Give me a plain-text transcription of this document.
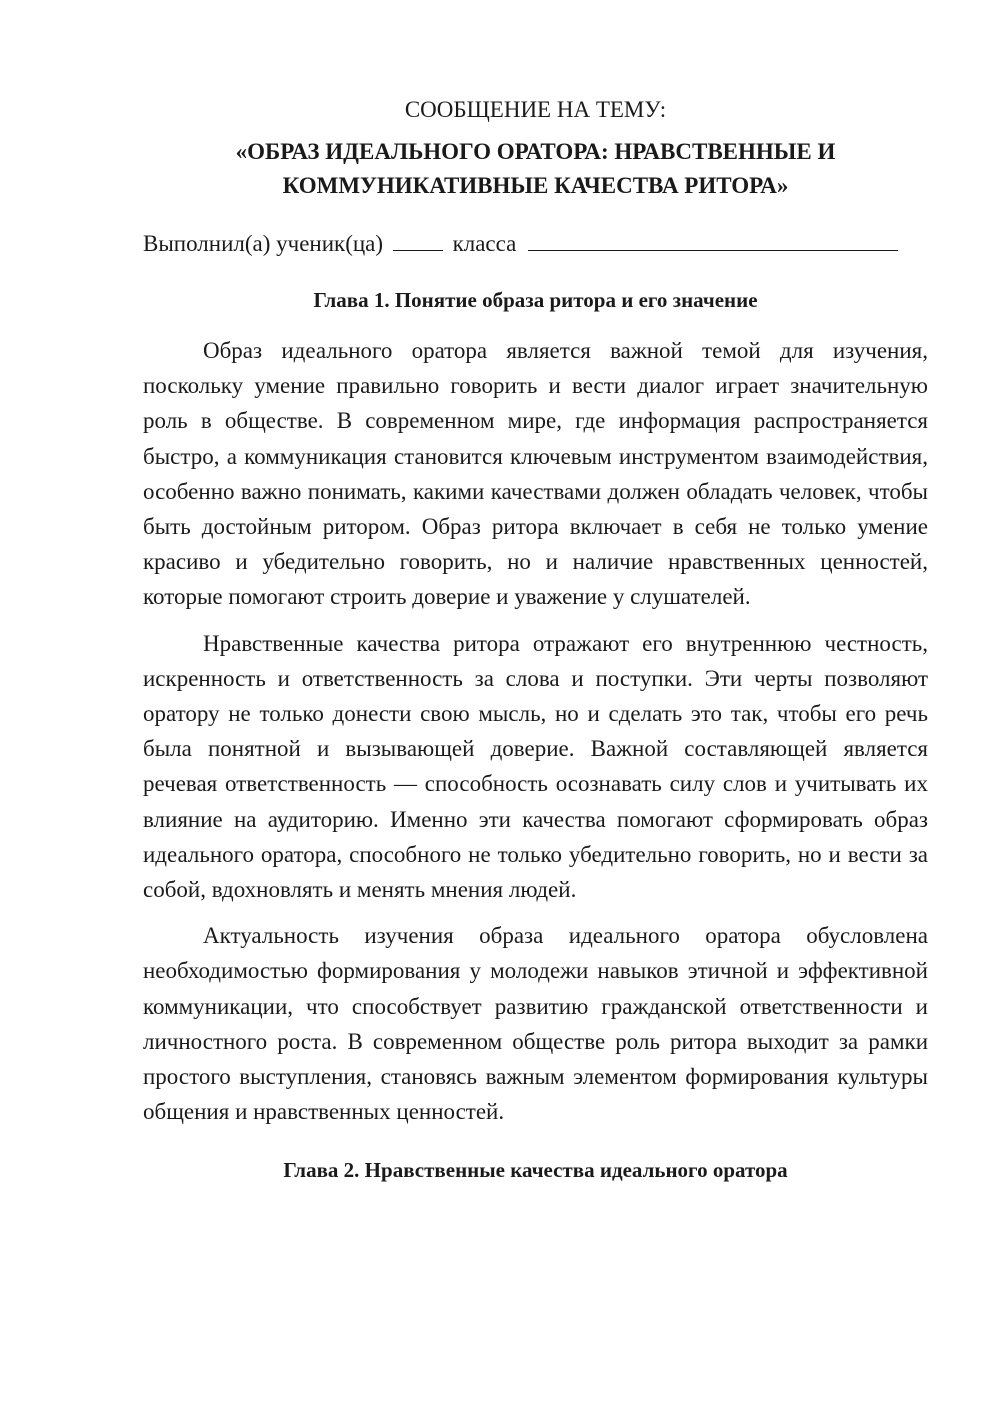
СООБЩЕНИЕ НА ТЕМУ:

«ОБРАЗ ИДЕАЛЬНОГО ОРАТОРА: НРАВСТВЕННЫЕ И
КОММУНИКАТИВНЫЕ КАЧЕСТВА РИТОРА»

Выполнил(а) ученик(ца)	класса

Глава 1. Понятие образа ритора и его значение

Образ идеального оратора является важной темой для изучения, поскольку умение правильно говорить и вести диалог играет значительную роль в обществе. В современном мире, где информация распространяется быстро, а коммуникация становится ключевым инструментом взаимодействия, особенно важно понимать, какими качествами должен обладать человек, чтобы быть достойным ритором. Образ ритора включает в себя не только умение красиво и убедительно говорить, но и наличие нравственных ценностей, которые помогают строить доверие и уважение у слушателей.

Нравственные качества ритора отражают его внутреннюю честность, искренность и ответственность за слова и поступки. Эти черты позволяют оратору не только донести свою мысль, но и сделать это так, чтобы его речь была понятной и вызывающей доверие. Важной составляющей является речевая ответственность — способность осознавать силу слов и учитывать их влияние на аудиторию. Именно эти качества помогают сформировать образ идеального оратора, способного не только убедительно говорить, но и вести за собой, вдохновлять и менять мнения людей.

Актуальность изучения образа идеального оратора обусловлена необходимостью формирования у молодежи навыков этичной и эффективной коммуникации, что способствует развитию гражданской ответственности и личностного роста. В современном обществе роль ритора выходит за рамки простого выступления, становясь важным элементом формирования культуры общения и нравственных ценностей.

Глава 2. Нравственные качества идеального оратора
